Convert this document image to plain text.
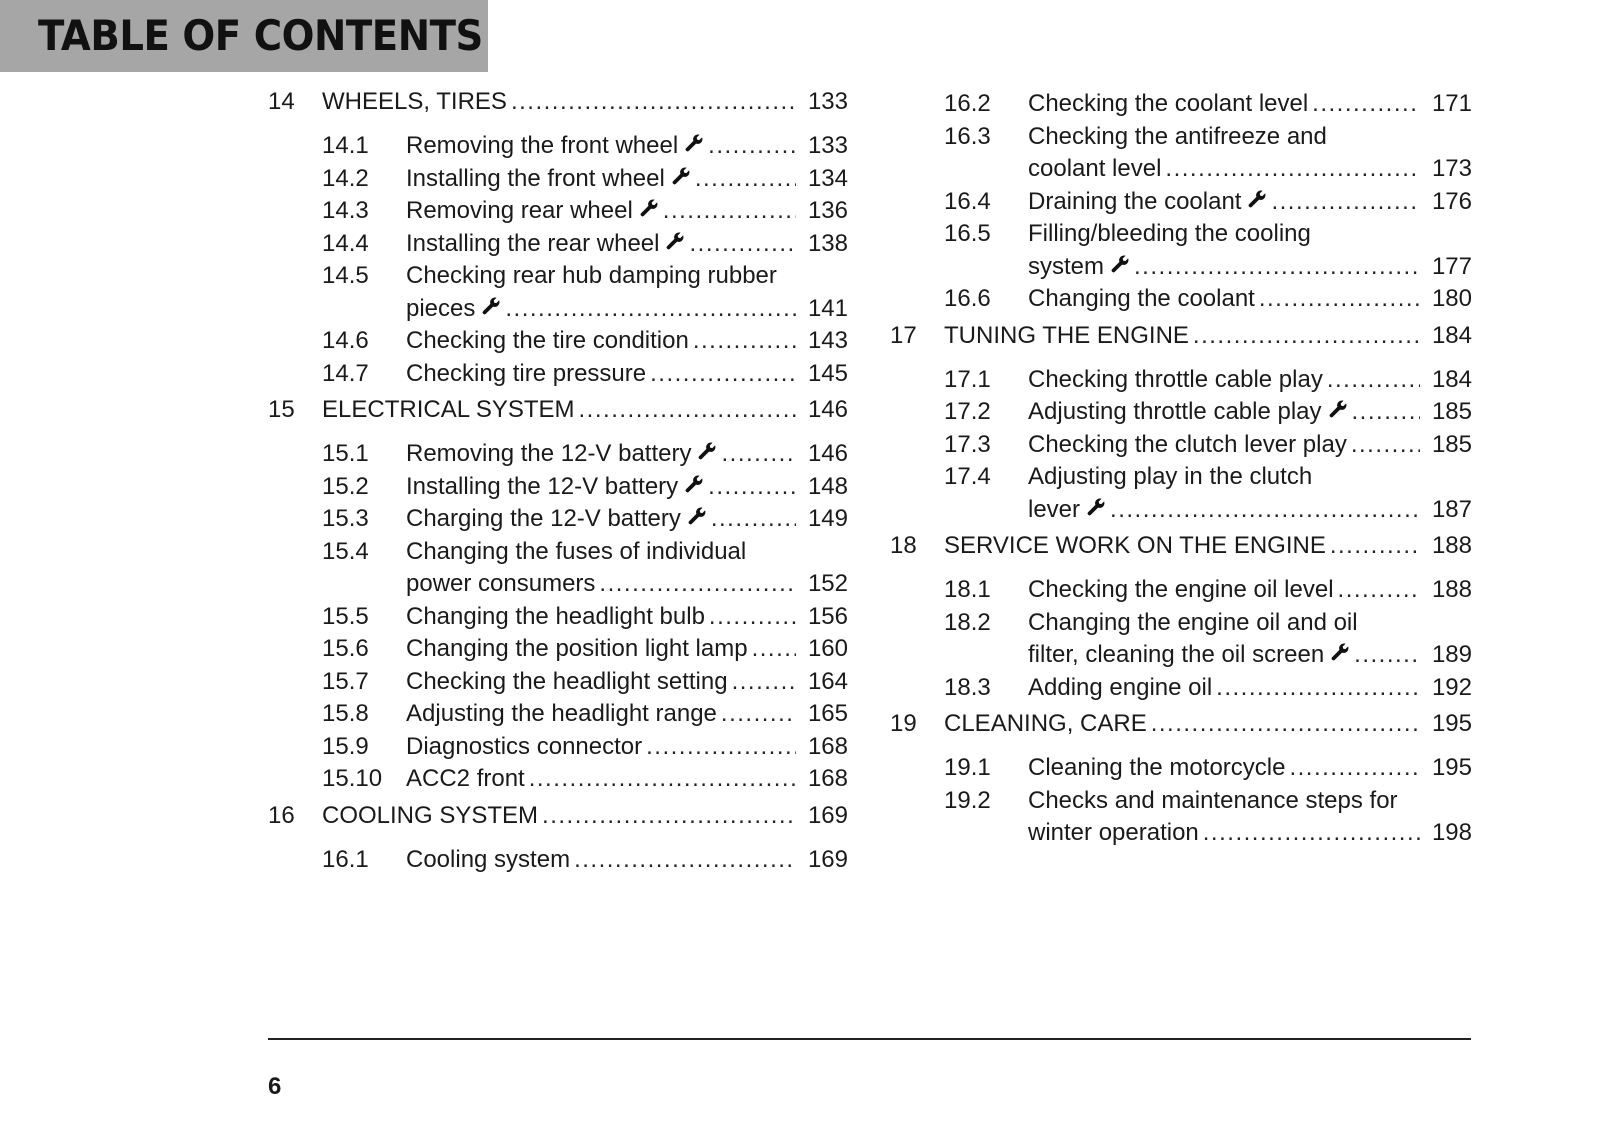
TABLE OF CONTENTS
14	WHEELS, TIRES .....	133
14.1	Removing the front wheel .....	133
14.2	Installing the front wheel .....	134
14.3	Removing rear wheel .....	136
14.4	Installing the rear wheel .....	138
14.5	Checking rear hub damping rubber
pieces .....	141
14.6	Checking the tire condition .....	143
14.7	Checking tire pressure .....	145
15	ELECTRICAL SYSTEM .....	146
15.1	Removing the 12-V battery .....	146
15.2	Installing the 12-V battery .....	148
15.3	Charging the 12-V battery .....	149
15.4	Changing the fuses of individual
power consumers .....	152
15.5	Changing the headlight bulb .....	156
15.6	Changing the position light lamp .....	160
15.7	Checking the headlight setting .....	164
15.8	Adjusting the headlight range .....	165
15.9	Diagnostics connector .....	168
15.10 ACC2 front .....	168
16	COOLING SYSTEM .....	169
16.1	Cooling system .....	169
16.2	Checking the coolant level .....	171
16.3	Checking the antifreeze and
coolant level .....	173
16.4	Draining the coolant .....	176
16.5	Filling/bleeding the cooling
system .....	177
16.6	Changing the coolant .....	180
17	TUNING THE ENGINE .....	184
17.1	Checking throttle cable play .....	184
17.2	Adjusting throttle cable play .....	185
17.3	Checking the clutch lever play .....	185
17.4	Adjusting play in the clutch
lever .....	187
18	SERVICE WORK ON THE ENGINE .....	188
18.1	Checking the engine oil level .....	188
18.2	Changing the engine oil and oil
filter, cleaning the oil screen .....	189
18.3	Adding engine oil .....	192
19	CLEANING, CARE .....	195
19.1	Cleaning the motorcycle .....	195
19.2	Checks and maintenance steps for
winter operation .....	198
6
